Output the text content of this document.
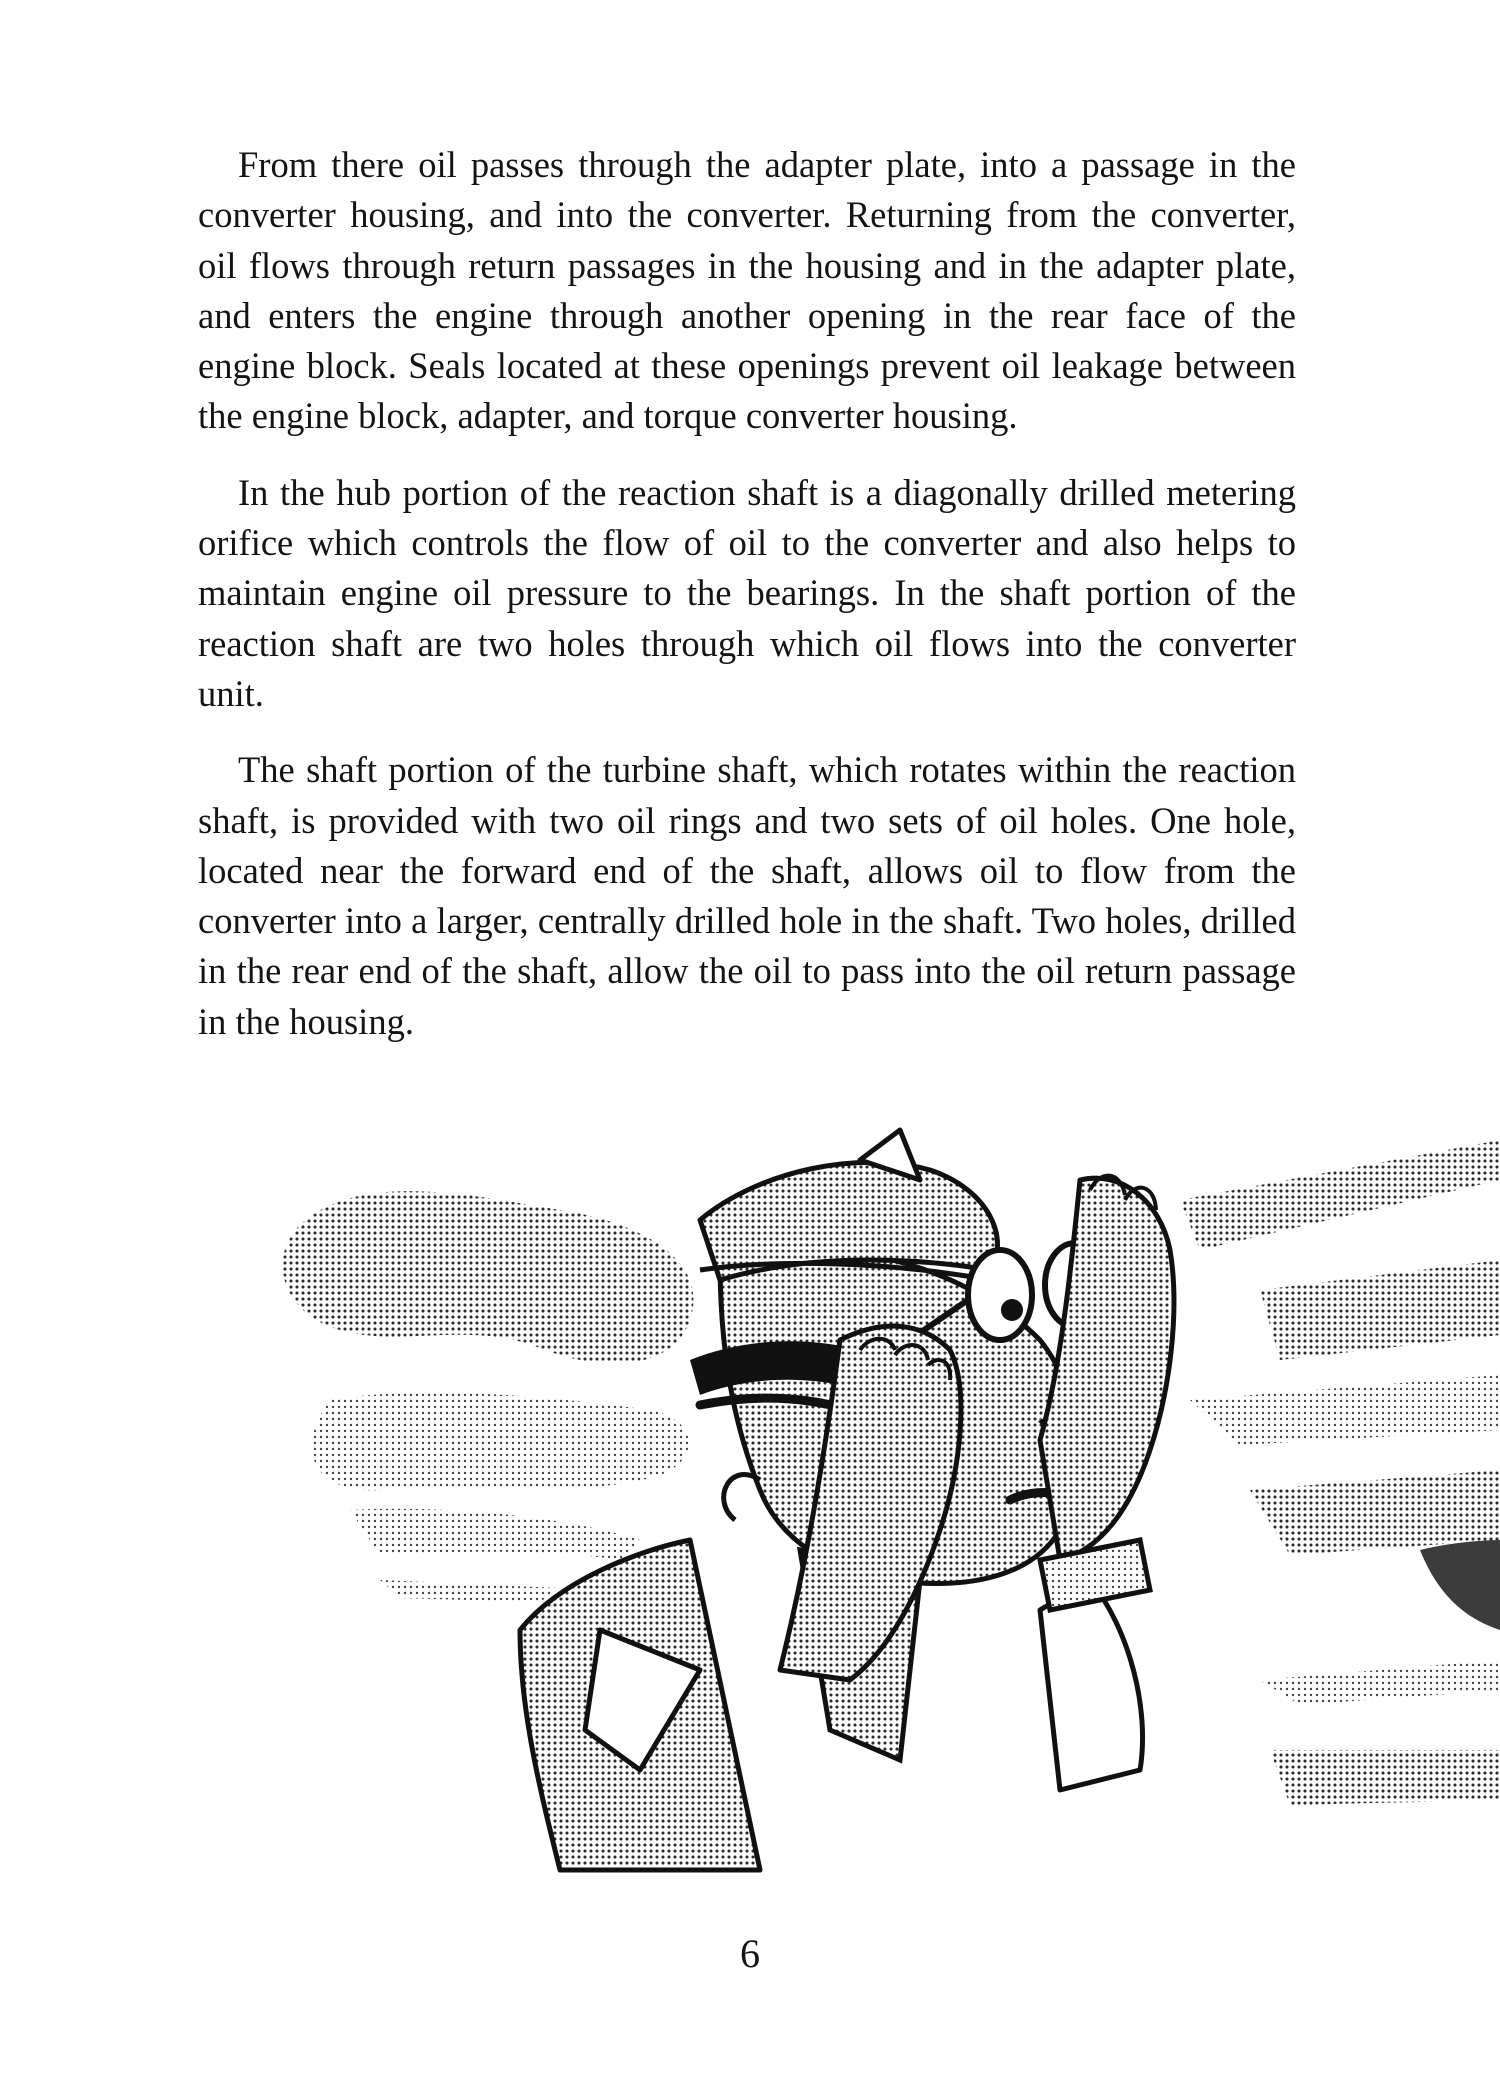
From there oil passes through the adapter plate, into a passage in the converter housing, and into the converter. Returning from the converter, oil flows through return passages in the housing and in the adapter plate, and enters the engine through another opening in the rear face of the engine block. Seals located at these openings prevent oil leakage between the engine block, adapter, and torque converter housing.

In the hub portion of the reaction shaft is a diagonally drilled metering orifice which controls the flow of oil to the converter and also helps to maintain engine oil pressure to the bearings. In the shaft portion of the reaction shaft are two holes through which oil flows into the converter unit.

The shaft portion of the turbine shaft, which rotates within the reaction shaft, is provided with two oil rings and two sets of oil holes. One hole, located near the forward end of the shaft, allows oil to flow from the converter into a larger, centrally drilled hole in the shaft. Two holes, drilled in the rear end of the shaft, allow the oil to pass into the oil return passage in the housing.

6
